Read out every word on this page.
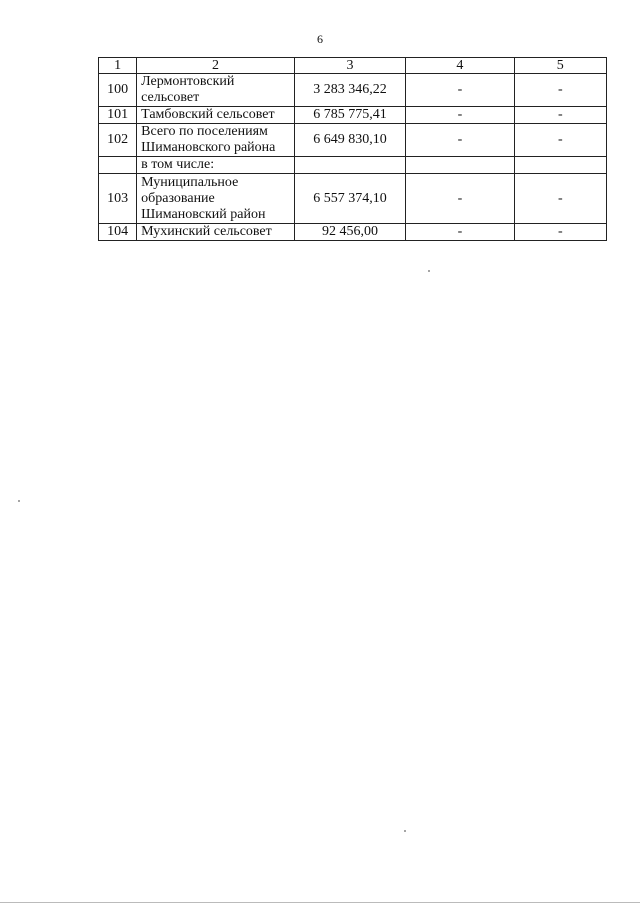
6
1	2	3	4	5
100	Лермонтовский сельсовет	3 283 346,22	-	-
101	Тамбовский сельсовет	6 785 775,41	-	-
102	Всего по поселениям Шимановского района	6 649 830,10	-	-
	в том числе:			
103	Муниципальное образование Шимановский район	6 557 374,10	-	-
104	Мухинский сельсовет	92 456,00	-	-
